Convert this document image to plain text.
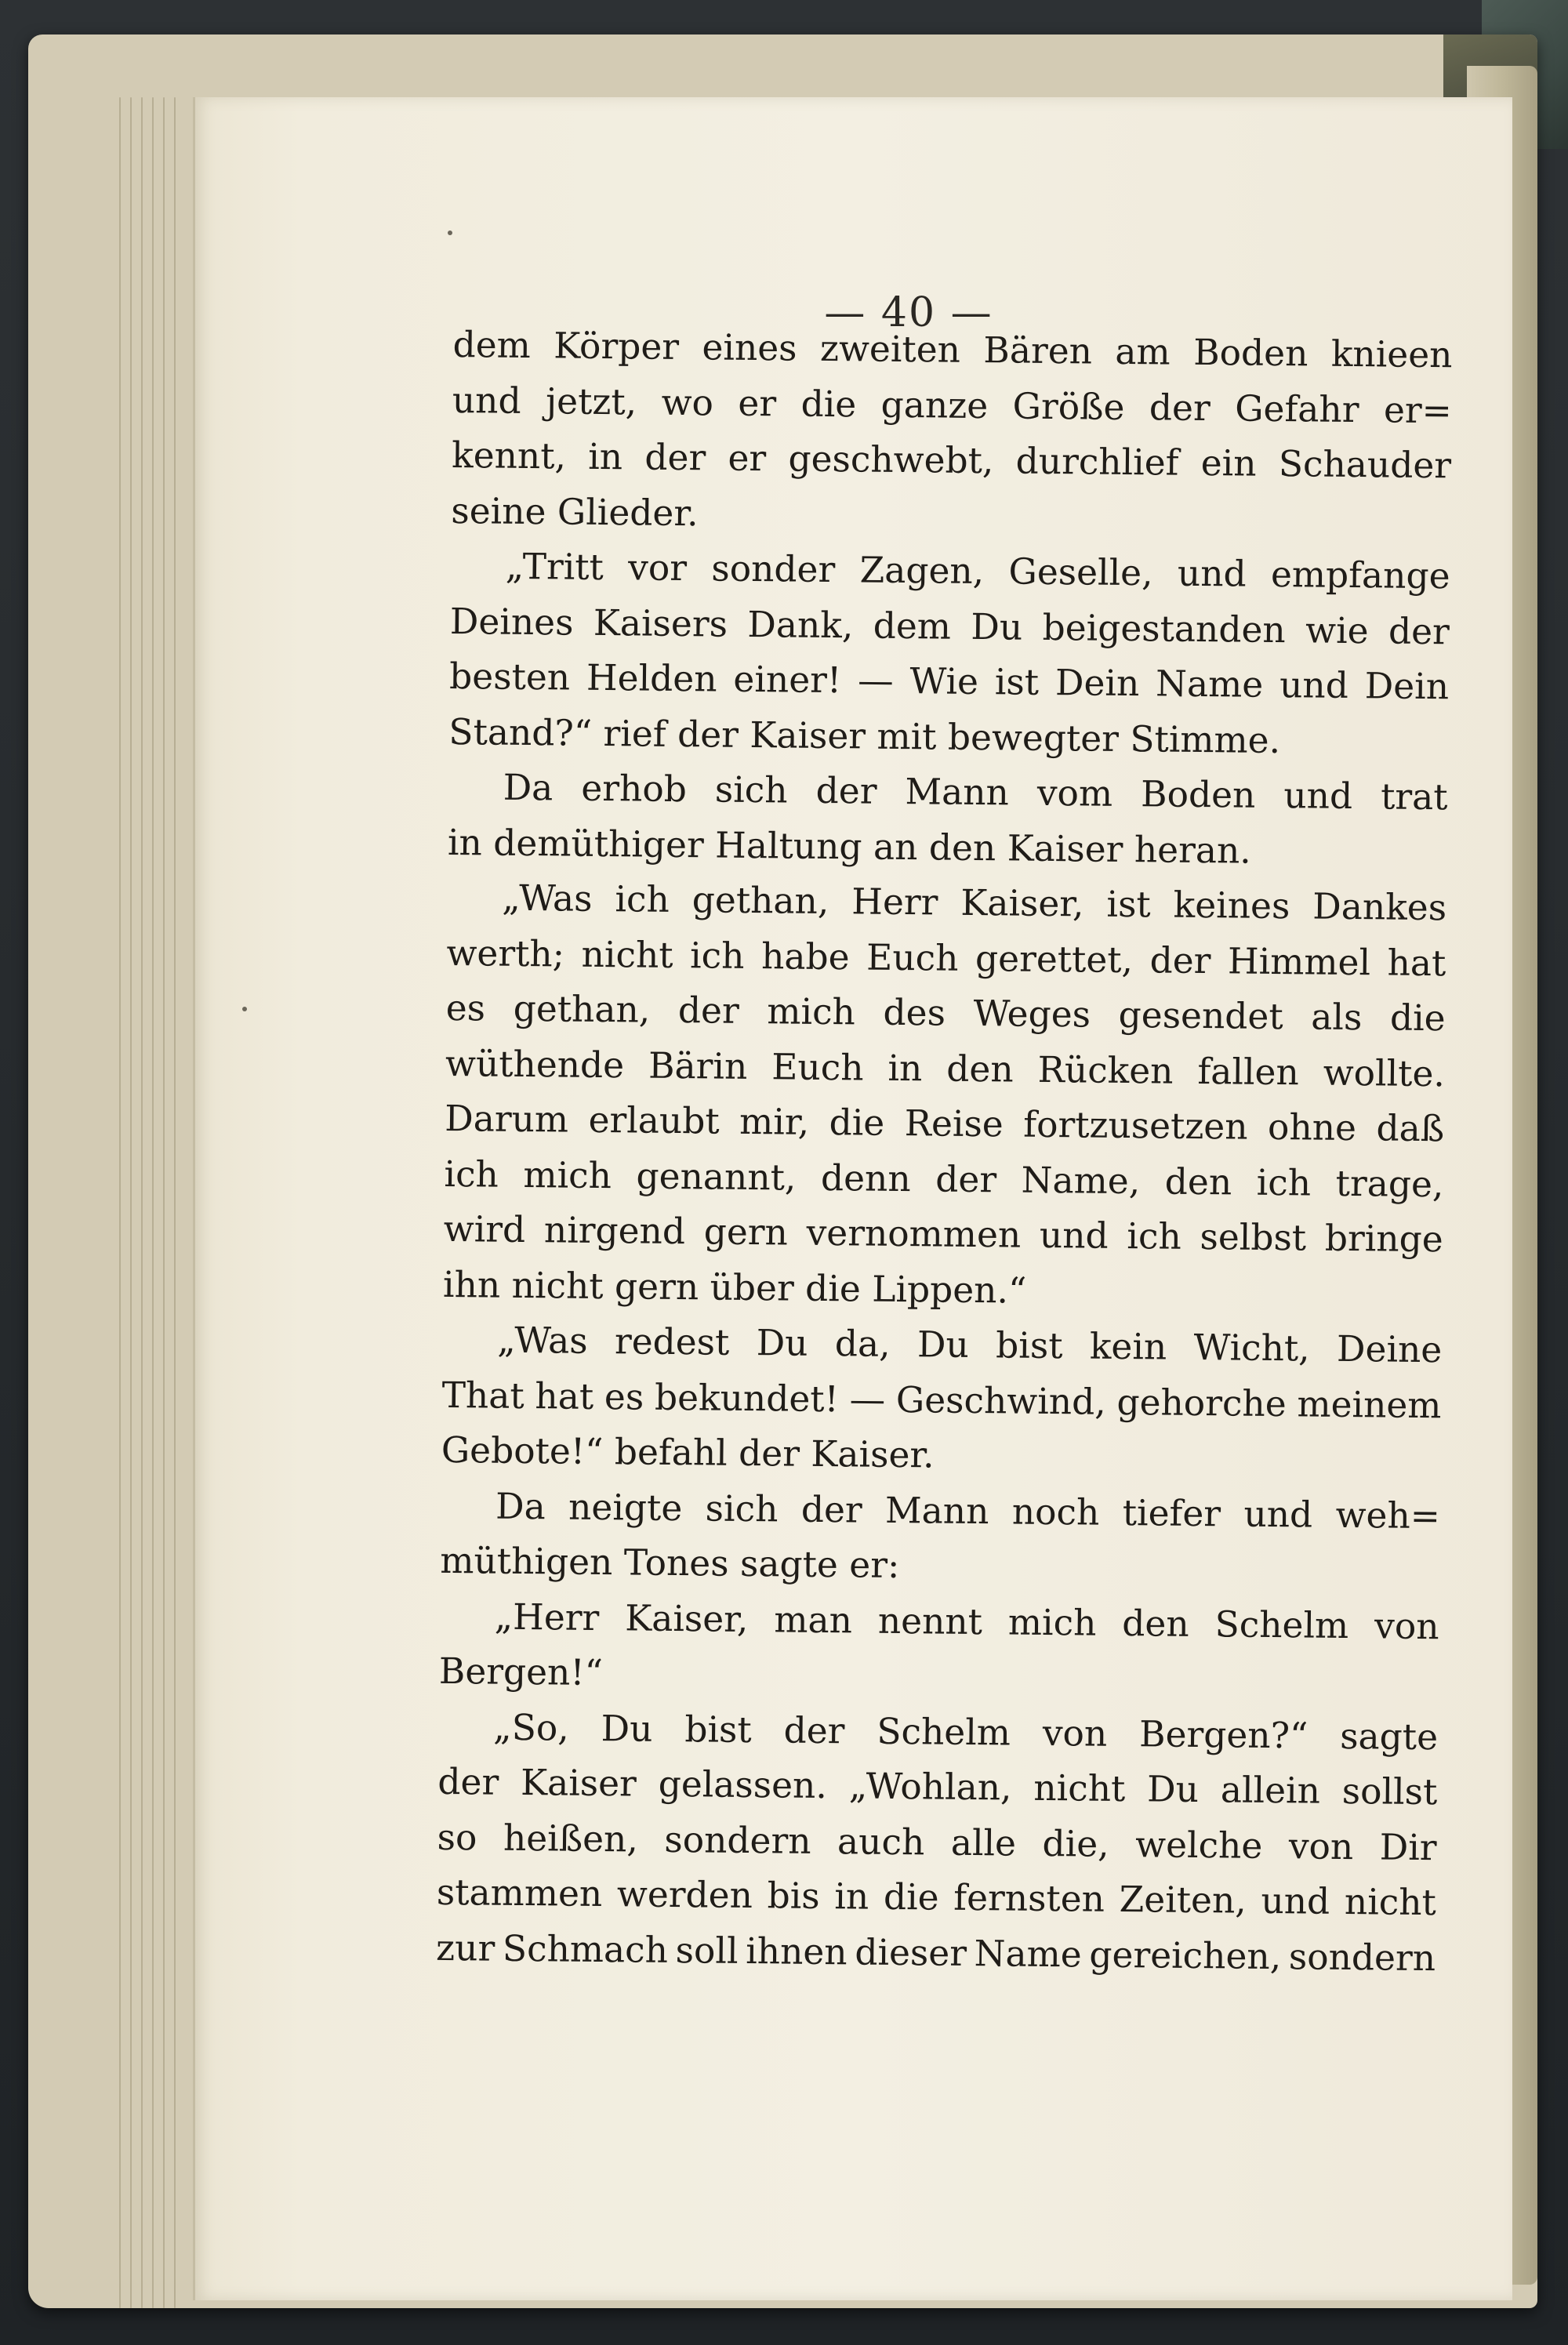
— 40 —
dem Körper eines zweiten Bären am Boden knieen
und jetzt, wo er die ganze Größe der Gefahr er=
kennt, in der er geschwebt, durchlief ein Schauder
seine Glieder.
„Tritt vor sonder Zagen, Geselle, und empfange
Deines Kaisers Dank, dem Du beigestanden wie der
besten Helden einer! — Wie ist Dein Name und Dein
Stand?“ rief der Kaiser mit bewegter Stimme.
Da erhob sich der Mann vom Boden und trat
in demüthiger Haltung an den Kaiser heran.
„Was ich gethan, Herr Kaiser, ist keines Dankes
werth; nicht ich habe Euch gerettet, der Himmel hat
es gethan, der mich des Weges gesendet als die
wüthende Bärin Euch in den Rücken fallen wollte.
Darum erlaubt mir, die Reise fortzusetzen ohne daß
ich mich genannt, denn der Name, den ich trage,
wird nirgend gern vernommen und ich selbst bringe
ihn nicht gern über die Lippen.“
„Was redest Du da, Du bist kein Wicht, Deine
That hat es bekundet! — Geschwind, gehorche meinem
Gebote!“ befahl der Kaiser.
Da neigte sich der Mann noch tiefer und weh=
müthigen Tones sagte er:
„Herr Kaiser, man nennt mich den Schelm von
Bergen!“
„So, Du bist der Schelm von Bergen?“ sagte
der Kaiser gelassen. „Wohlan, nicht Du allein sollst
so heißen, sondern auch alle die, welche von Dir
stammen werden bis in die fernsten Zeiten, und nicht
zur Schmach soll ihnen dieser Name gereichen, sondern
